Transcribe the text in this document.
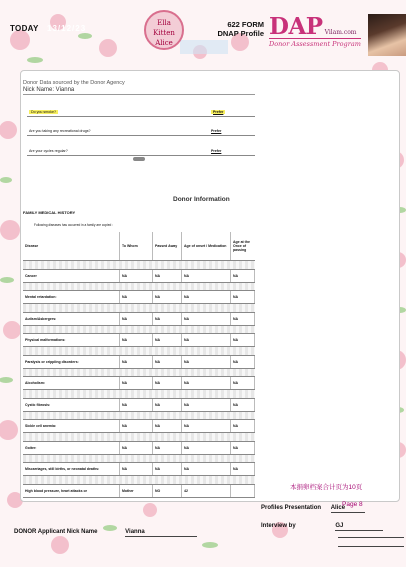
TODAY 13/12/23
Ella
Kitten
Alice
622 FORM
DNAP Profile DAP Vilam.com
Donor Assessment Program
Donor Data sourced by the Donor Agency
Nick Name: Vianna
Do you smoke?	Prefer
Are you taking any recreational drugs?	Prefer
Are your cycles regular?	Prefer
Donor Information
FAMILY MEDICAL HISTORY
Following diseases has occurred in a family are copied :
Disease	To Whom	Passed Away	Age of onset / Medication	Age at the Once of passing

Cancer	NA	NA	NA	NA

Mental retardation:	NA	NA	NA	NA

Autism/Asbergers:	NA	NA	NA	NA

Physical malformations:	NA	NA	NA	NA

Paralysis or crippling disorders:	NA	NA	NA	NA

Alcoholism:	NA	NA	NA	NA

Cystic fibrosis:	NA	NA	NA	NA

Sickle cell anemia:	NA	NA	NA	NA

Goiter:	NA	NA	NA	NA

Miscarriages, still births, or neonatal deaths:	NA	NA	NA	NA

High blood pressure, heart attacks or	Mother	NO	42		本捐卵档案合计页为10页
Page 8
Profiles Presentation Alice
Interview by	GJ
DONOR Applicant Nick Name	Vianna
